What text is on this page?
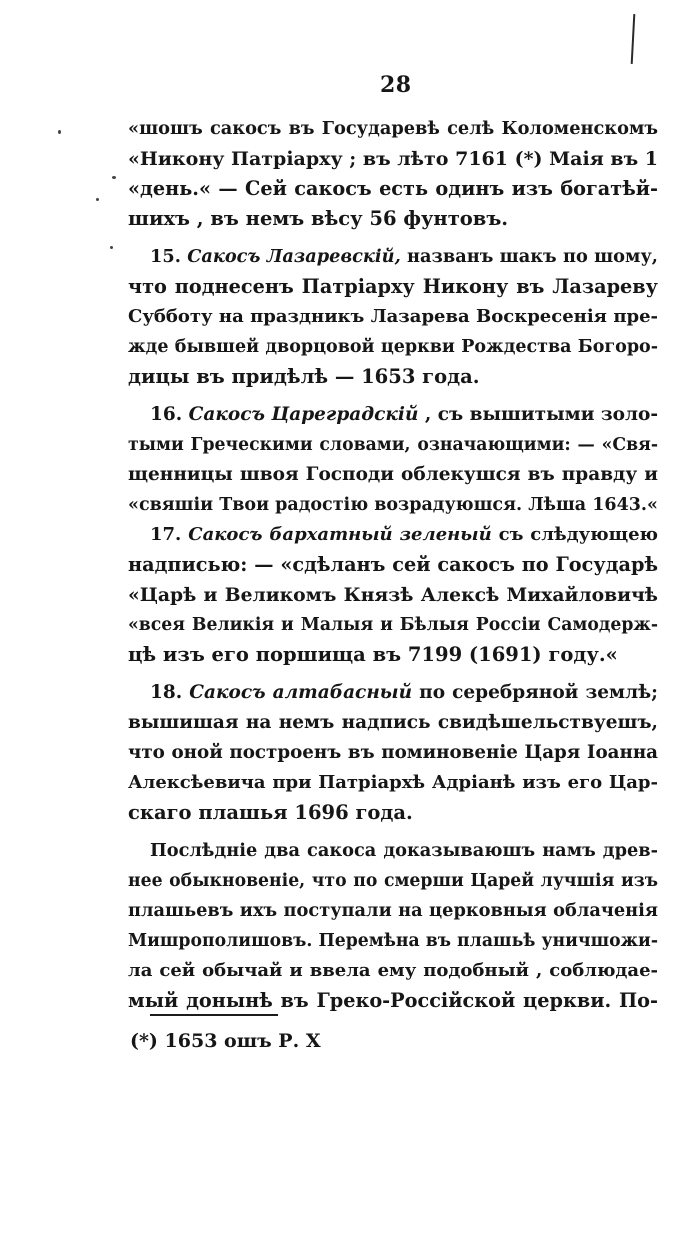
28
«шошъ сакосъ въ Государевѣ селѣ Коломенскомъ
«Никону Патріарху ; въ лѣто 7161 (*) Маія въ 1
«день.« — Сей сакосъ есть одинъ изъ богатѣй-
шихъ , въ немъ вѣсу 56 фунтовъ.
15. Сакосъ Лазаревскій, названъ шакъ по шому,
что поднесенъ Патріарху Никону въ Лазареву
Субботу на праздникъ Лазарева Воскресенія пре-
жде бывшей дворцовой церкви Рождества Богоро-
дицы въ придѣлѣ — 1653 года.
16. Сакосъ Цареградскій , съ вышитыми золо-
тыми Греческими словами, означающими: — «Свя-
щенницы швоя Господи облекушся въ правду и
«свяшіи Твои радостію возрадуюшся. Лѣша 1643.«
17. Сакосъ бархатный зеленый съ слѣдующею
надписью: — «сдѣланъ сей сакосъ по Государѣ
«Царѣ и Великомъ Князѣ Алексѣ Михайловичѣ
«всея Великія и Малыя и Бѣлыя Россіи Самодерж-
цѣ изъ его поршища въ 7199 (1691) году.«
18. Сакосъ алтабасный по серебряной землѣ;
вышишая на немъ надпись свидѣшельствуешъ,
что оной построенъ въ поминовеніе Царя Іоанна
Алексѣевича при Патріархѣ Адріанѣ изъ его Цар-
скаго плашья 1696 года.
Послѣдніе два сакоса доказываюшъ намъ древ-
нее обыкновеніе, что по смерши Царей лучшія изъ
плашьевъ ихъ поступали на церковныя облаченія
Мишрополишовъ. Перемѣна въ плашьѣ уничшожи-
ла сей обычай и ввела ему подобный , соблюдае-
мый донынѣ въ Греко-Россійской церкви. По-
(*) 1653 ошъ Р. Х
